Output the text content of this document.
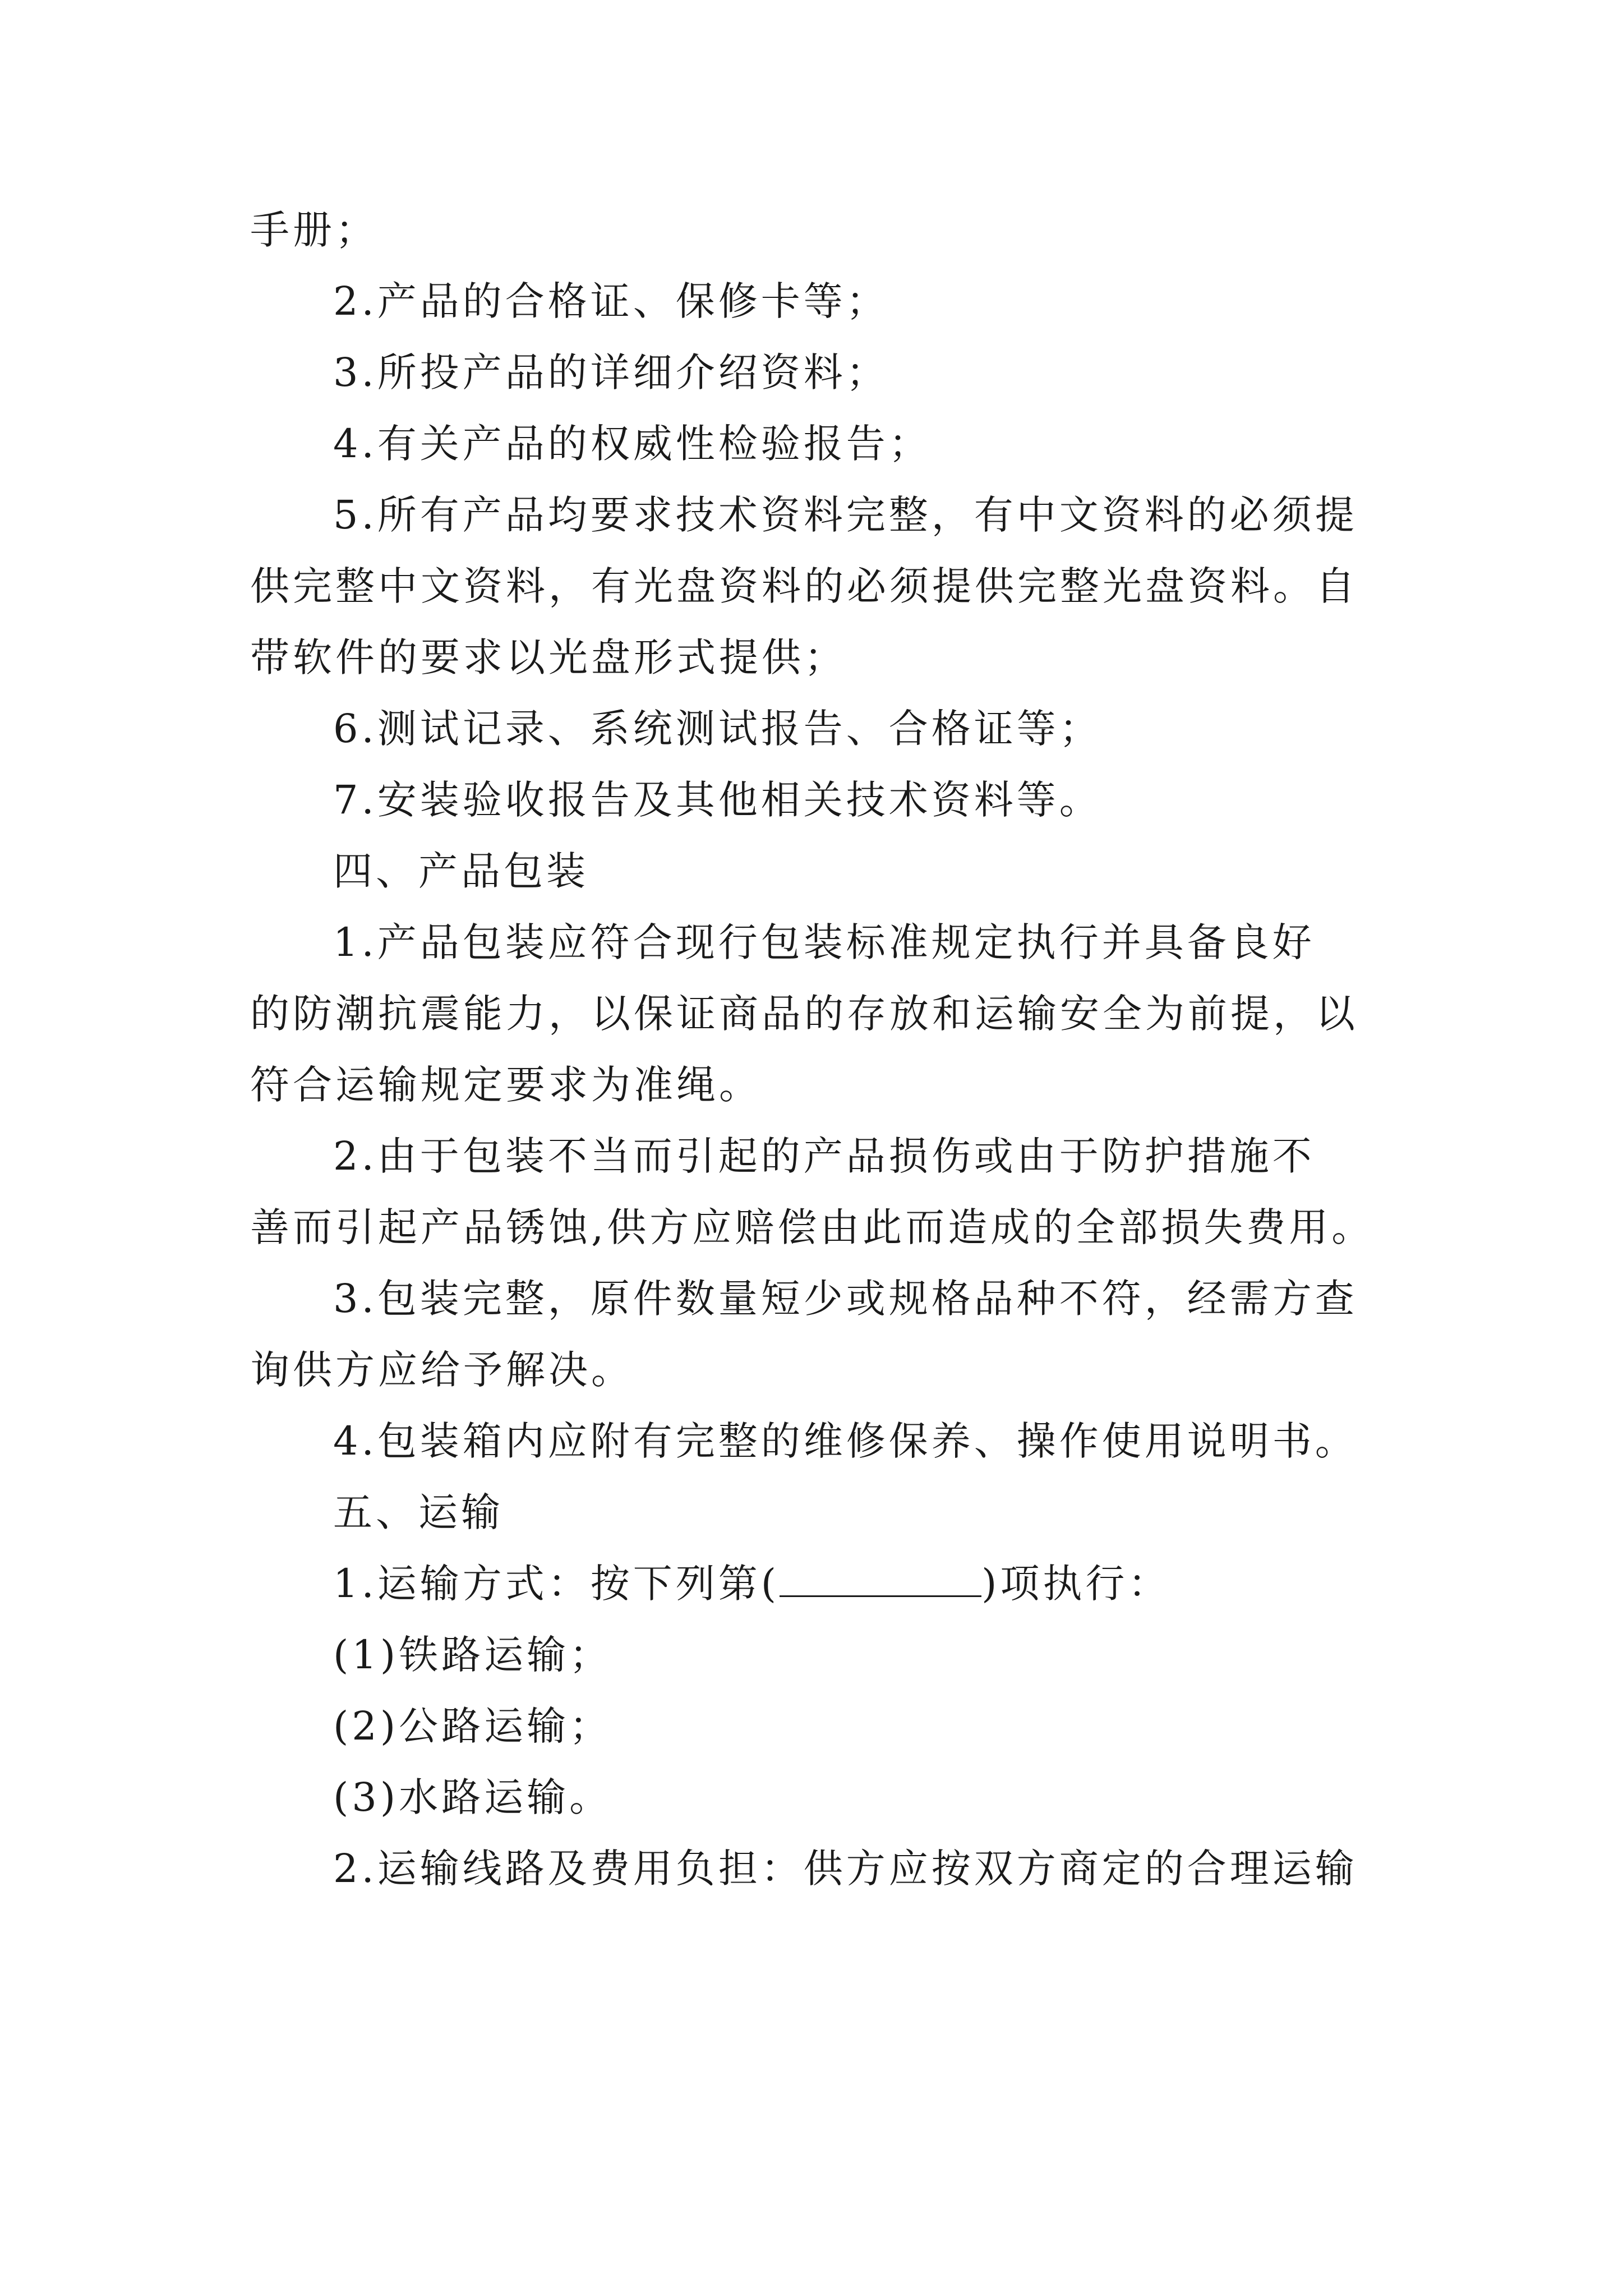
手册；
2.产品的合格证、保修卡等；
3.所投产品的详细介绍资料；
4.有关产品的权威性检验报告；
5.所有产品均要求技术资料完整，有中文资料的必须提
供完整中文资料，有光盘资料的必须提供完整光盘资料。自
带软件的要求以光盘形式提供；
6.测试记录、系统测试报告、合格证等；
7.安装验收报告及其他相关技术资料等。
四、产品包装
1.产品包装应符合现行包装标准规定执行并具备良好
的防潮抗震能力，以保证商品的存放和运输安全为前提，以
符合运输规定要求为准绳。
2.由于包装不当而引起的产品损伤或由于防护措施不
善而引起产品锈蚀,供方应赔偿由此而造成的全部损失费用。
3.包装完整，原件数量短少或规格品种不符，经需方查
询供方应给予解决。
4.包装箱内应附有完整的维修保养、操作使用说明书。
五、运输
1.运输方式：按下列第(	)项执行：
(1)铁路运输；
(2)公路运输；
(3)水路运输。
2.运输线路及费用负担：供方应按双方商定的合理运输
